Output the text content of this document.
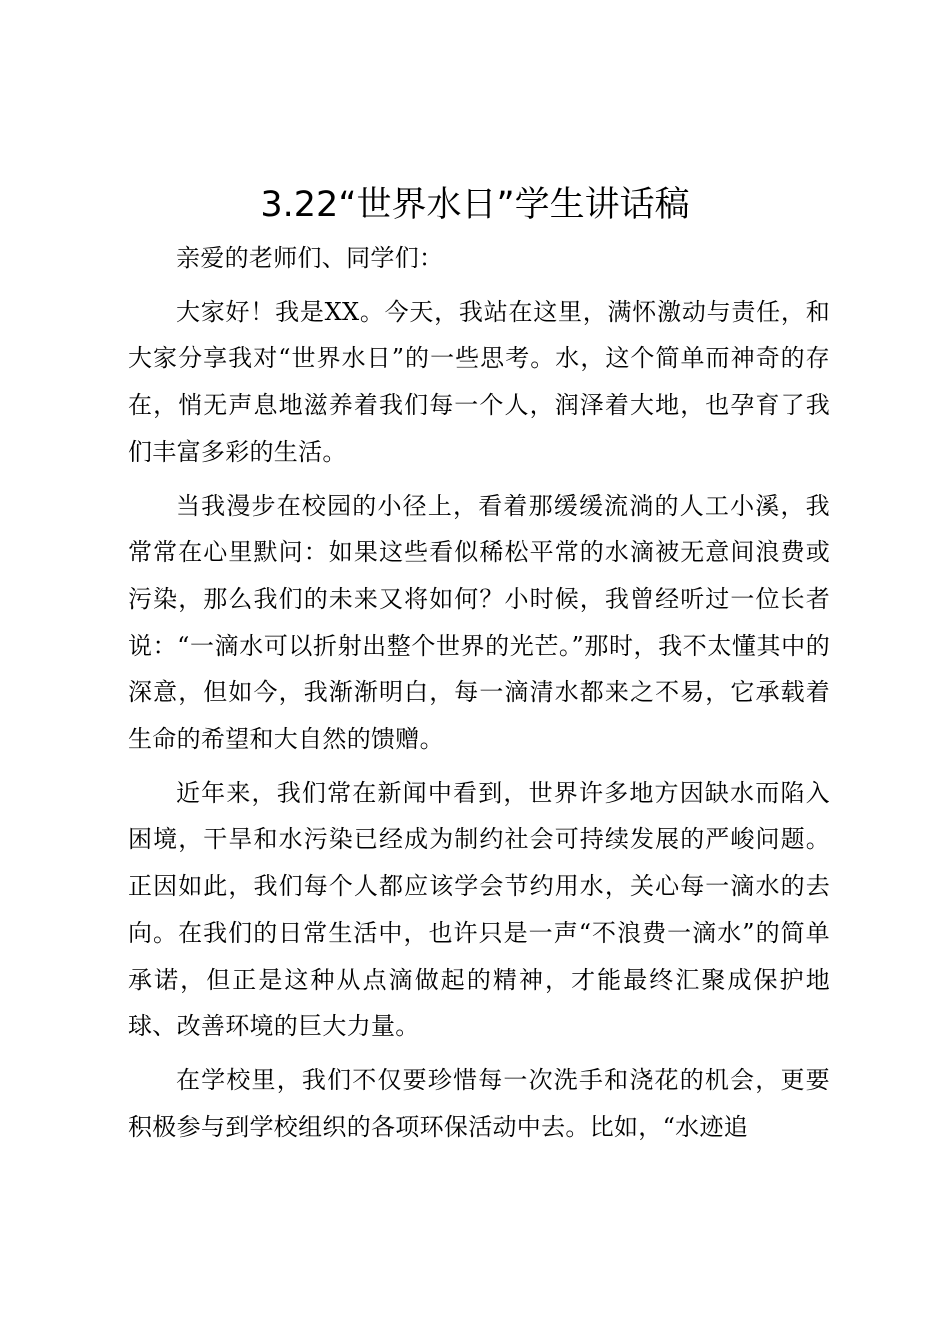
3.22“世界水日”学生讲话稿

亲爱的老师们、同学们：

大家好！我是XX。今天，我站在这里，满怀激动与责任，和大家分享我对“世界水日”的一些思考。水，这个简单而神奇的存在，悄无声息地滋养着我们每一个人，润泽着大地，也孕育了我们丰富多彩的生活。

当我漫步在校园的小径上，看着那缓缓流淌的人工小溪，我常常在心里默问：如果这些看似稀松平常的水滴被无意间浪费或污染，那么我们的未来又将如何？小时候，我曾经听过一位长者说：“一滴水可以折射出整个世界的光芒。”那时，我不太懂其中的深意，但如今，我渐渐明白，每一滴清水都来之不易，它承载着生命的希望和大自然的馈赠。

近年来，我们常在新闻中看到，世界许多地方因缺水而陷入困境，干旱和水污染已经成为制约社会可持续发展的严峻问题。正因如此，我们每个人都应该学会节约用水，关心每一滴水的去向。在我们的日常生活中，也许只是一声“不浪费一滴水”的简单承诺，但正是这种从点滴做起的精神，才能最终汇聚成保护地球、改善环境的巨大力量。

在学校里，我们不仅要珍惜每一次洗手和浇花的机会，更要积极参与到学校组织的各项环保活动中去。比如，“水迹追
